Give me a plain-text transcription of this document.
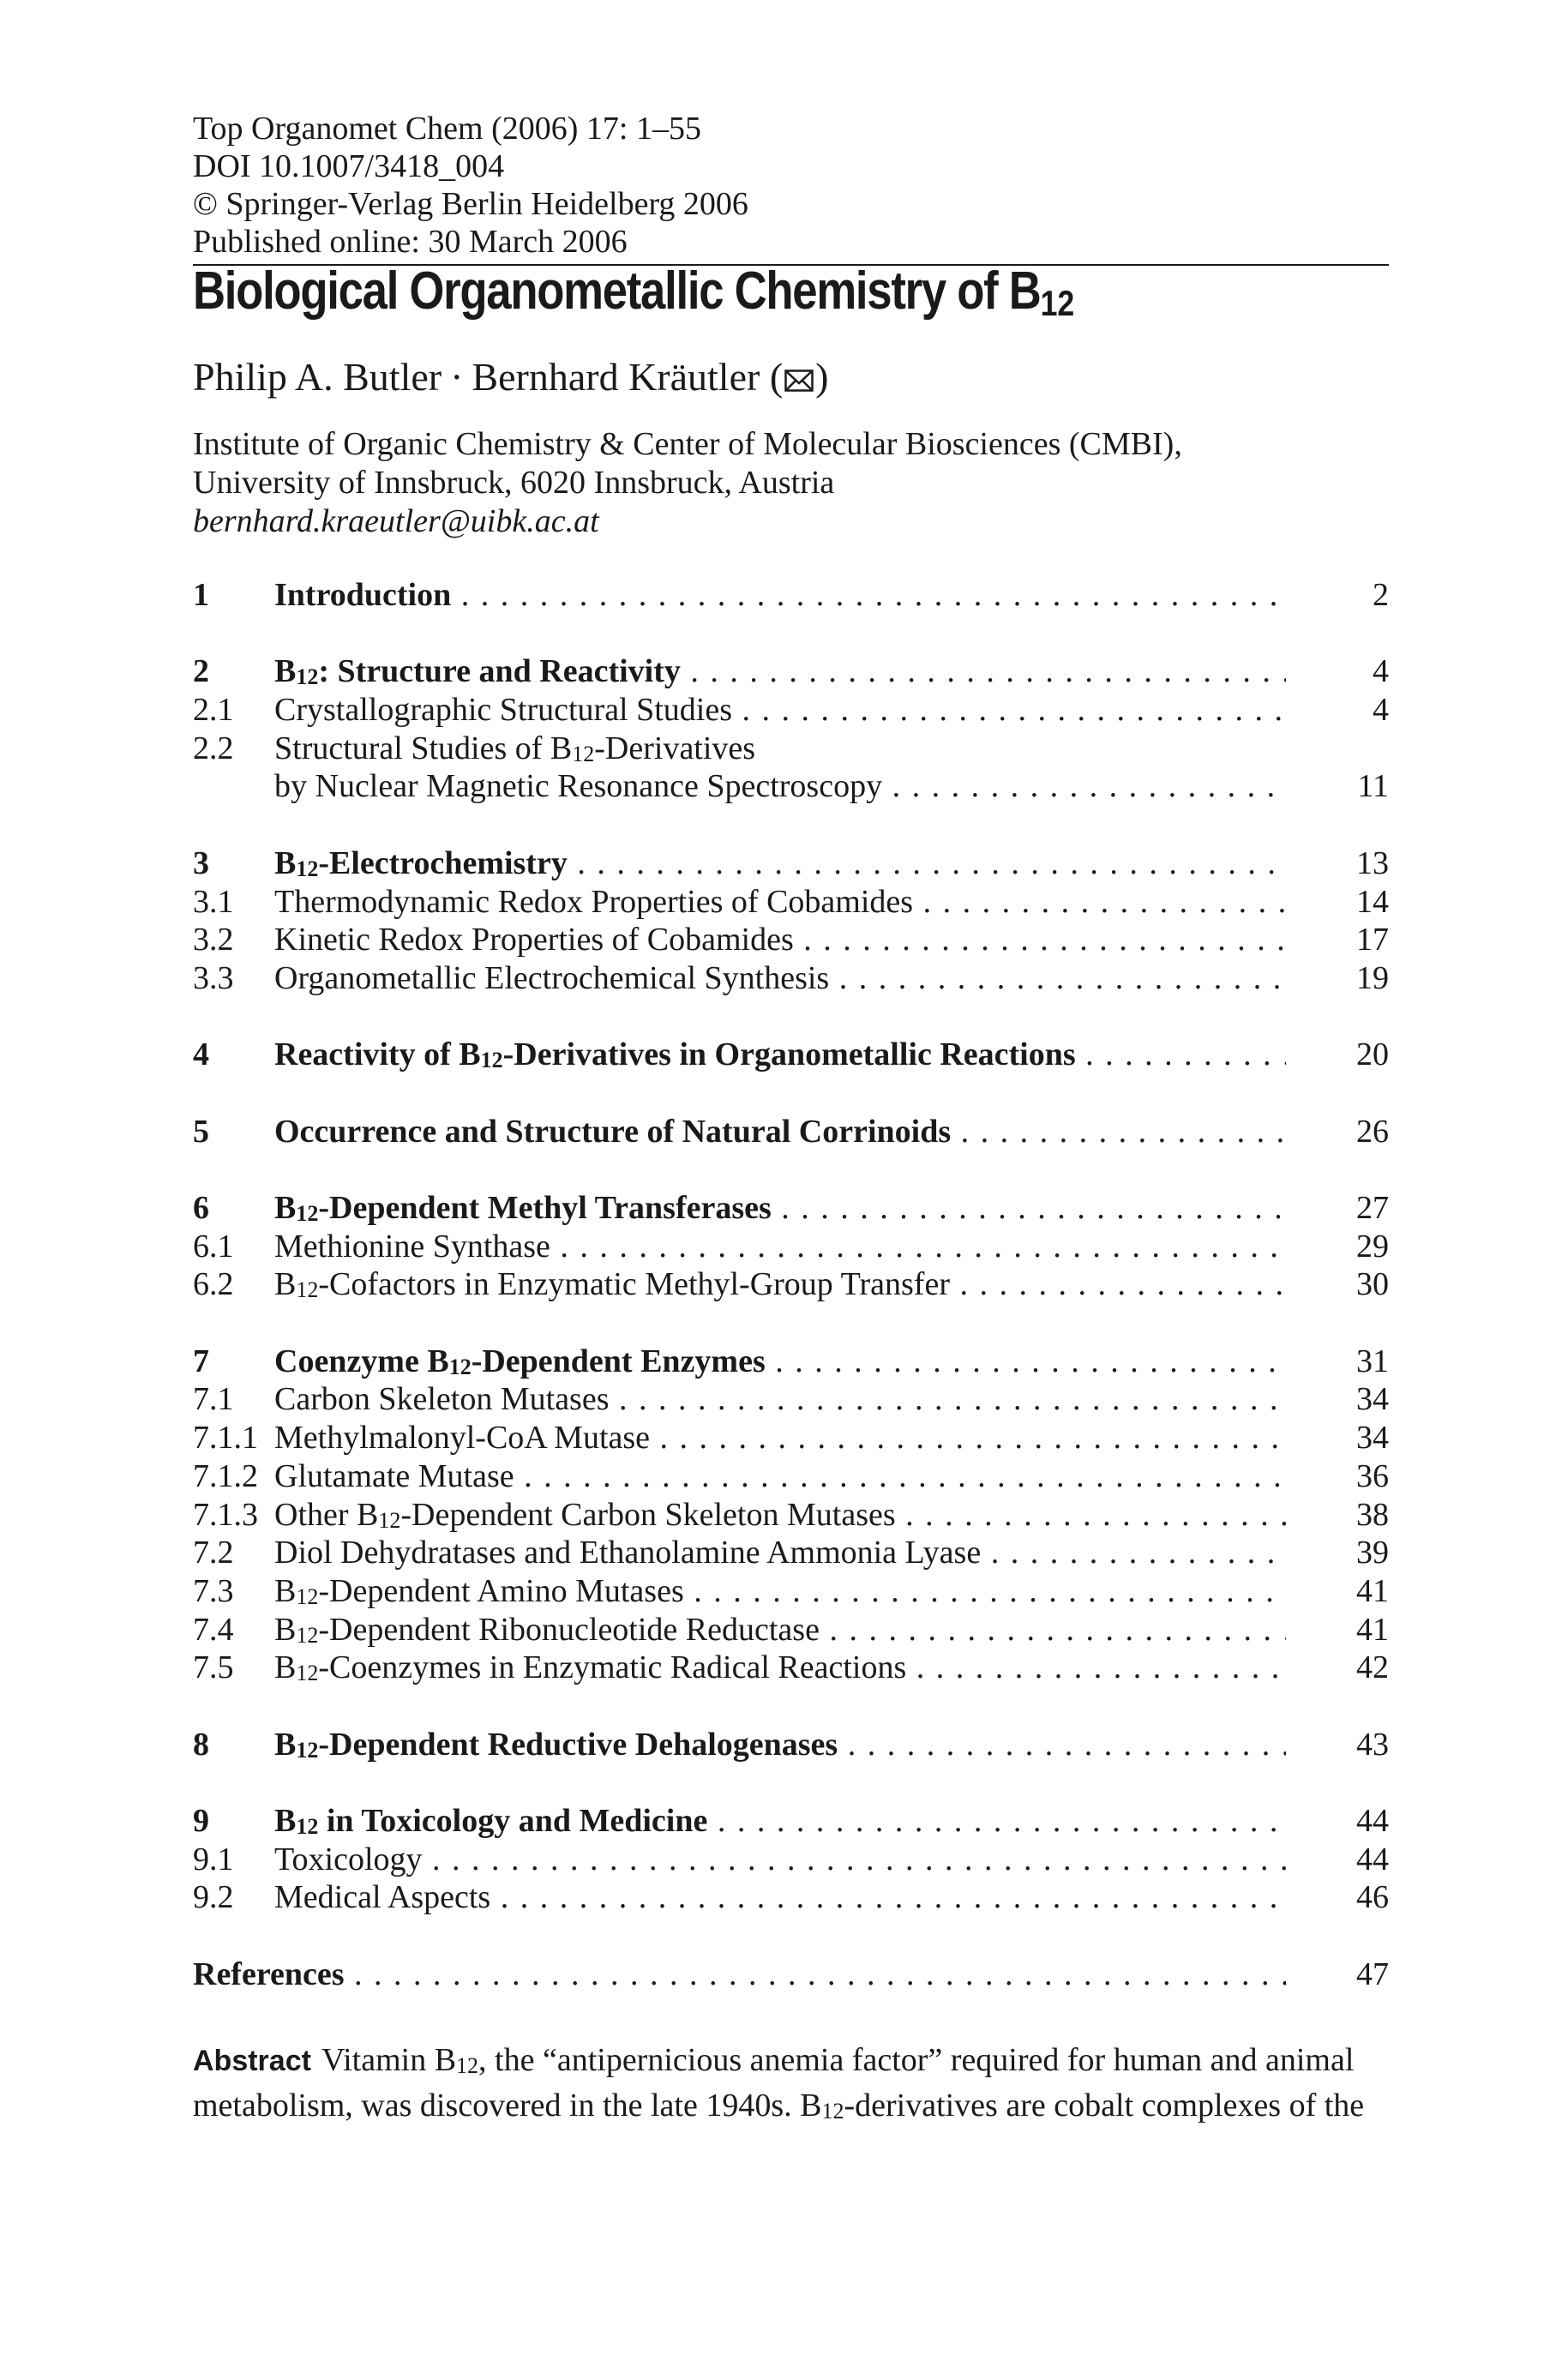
Top Organomet Chem (2006) 17: 1–55
DOI 10.1007/3418_004
© Springer-Verlag Berlin Heidelberg 2006
Published online: 30 March 2006
Biological Organometallic Chemistry of $B_{12}$
Philip A. Butler · Bernhard Kräutler ( )
Institute of Organic Chemistry & Center of Molecular Biosciences (CMBI),
University of Innsbruck, 6020 Innsbruck, Austria
bernhard.kraeutler@uibk.ac.at
1 Introduction . . .	2
2 $B_{12}$: Structure and Reactivity . . .	4
2.1 Crystallographic Structural Studies . . .	4
2.2 Structural Studies of $B_{12}$-Derivatives
by Nuclear Magnetic Resonance Spectroscopy . . .	11
3 $B_{12}$-Electrochemistry . . .	13
3.1 Thermodynamic Redox Properties of Cobamides . . .	14
3.2 Kinetic Redox Properties of Cobamides . . .	17
3.3 Organometallic Electrochemical Synthesis . . .	19
4 Reactivity of $B_{12}$-Derivatives in Organometallic Reactions . . .	20
5 Occurrence and Structure of Natural Corrinoids . . .	26
6 $B_{12}$-Dependent Methyl Transferases . . .	27
6.1 Methionine Synthase . . .	29
6.2 $B_{12}$-Cofactors in Enzymatic Methyl-Group Transfer . . .	30
7 Coenzyme $B_{12}$-Dependent Enzymes . . .	31
7.1 Carbon Skeleton Mutases . . .	34
7.1.1 Methylmalonyl-CoA Mutase . . .	34
7.1.2 Glutamate Mutase . . .	36
7.1.3 Other $B_{12}$-Dependent Carbon Skeleton Mutases . . .	38
7.2 Diol Dehydratases and Ethanolamine Ammonia Lyase . . .	39
7.3 $B_{12}$-Dependent Amino Mutases . . .	41
7.4 $B_{12}$-Dependent Ribonucleotide Reductase . . .	41
7.5 $B_{12}$-Coenzymes in Enzymatic Radical Reactions . . .	42
8 $B_{12}$-Dependent Reductive Dehalogenases . . .	43
9 $B_{12}$ in Toxicology and Medicine . . .	44
9.1 Toxicology . . .	44
9.2 Medical Aspects . . .	46
References . . .	47
Abstract Vitamin $B_{12}$, the “antipernicious anemia factor” required for human and animal
metabolism, was discovered in the late 1940s. $B_{12}$-derivatives are cobalt complexes of the
